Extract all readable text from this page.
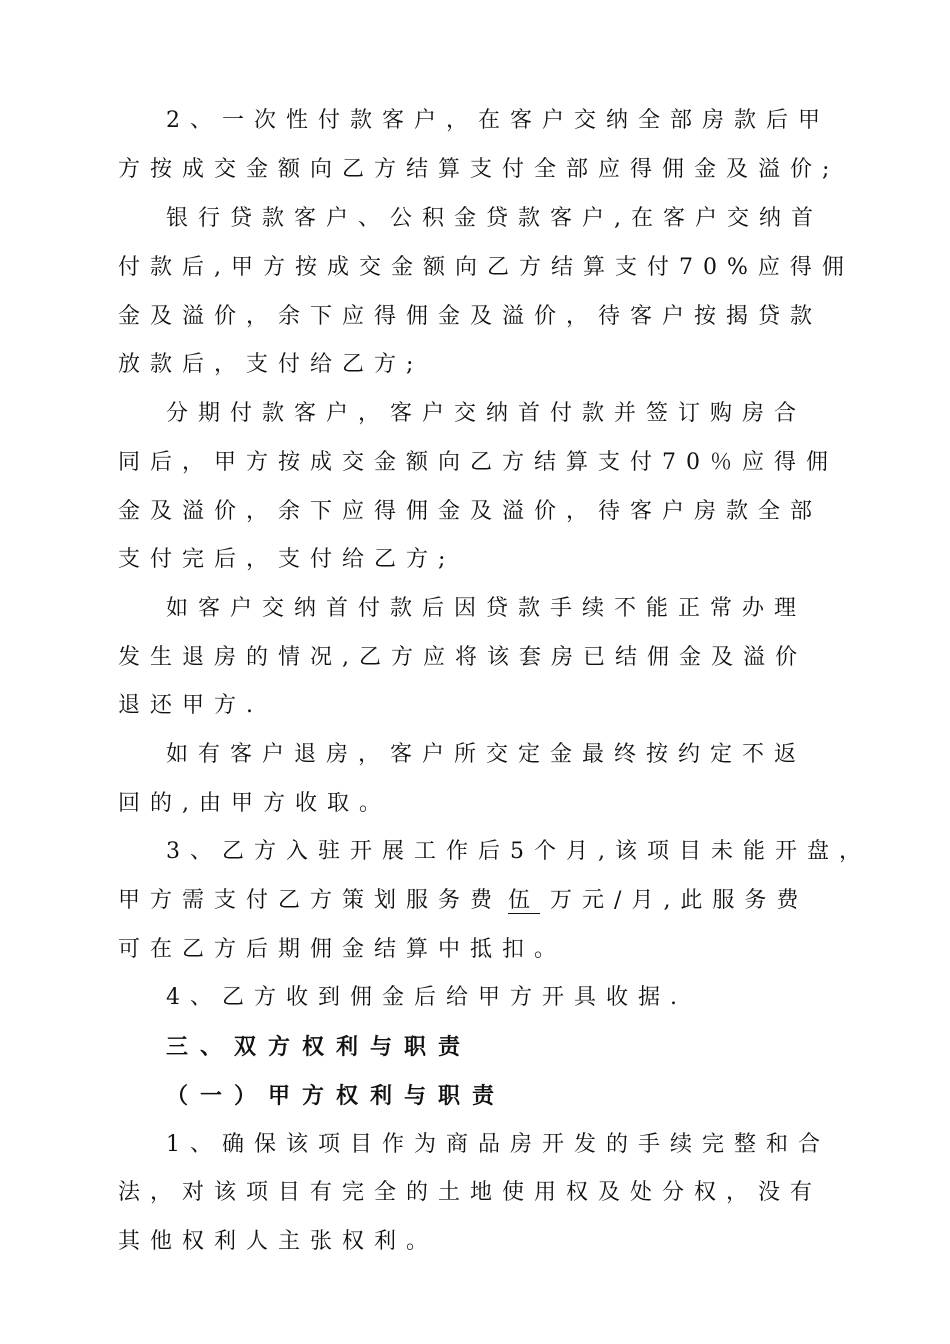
2、一次性付款客户，在客户交纳全部房款后甲
方按成交金额向乙方结算支付全部应得佣金及溢价;
银行贷款客户、公积金贷款客户,在客户交纳首
付款后,甲方按成交金额向乙方结算支付70%应得佣
金及溢价，余下应得佣金及溢价，待客户按揭贷款
放款后，支付给乙方;
分期付款客户，客户交纳首付款并签订购房合
同后，甲方按成交金额向乙方结算支付70％应得佣
金及溢价，余下应得佣金及溢价，待客户房款全部
支付完后，支付给乙方;
如客户交纳首付款后因贷款手续不能正常办理
发生退房的情况,乙方应将该套房已结佣金及溢价
退还甲方.
如有客户退房，客户所交定金最终按约定不返
回的,由甲方收取。
3、乙方入驻开展工作后5个月,该项目未能开盘，
甲方需支付乙方策划服务费 伍 万元/月,此服务费
可在乙方后期佣金结算中抵扣。
4、乙方收到佣金后给甲方开具收据.
三、双方权利与职责
（一）甲方权利与职责
1、确保该项目作为商品房开发的手续完整和合
法，对该项目有完全的土地使用权及处分权，没有
其他权利人主张权利。
